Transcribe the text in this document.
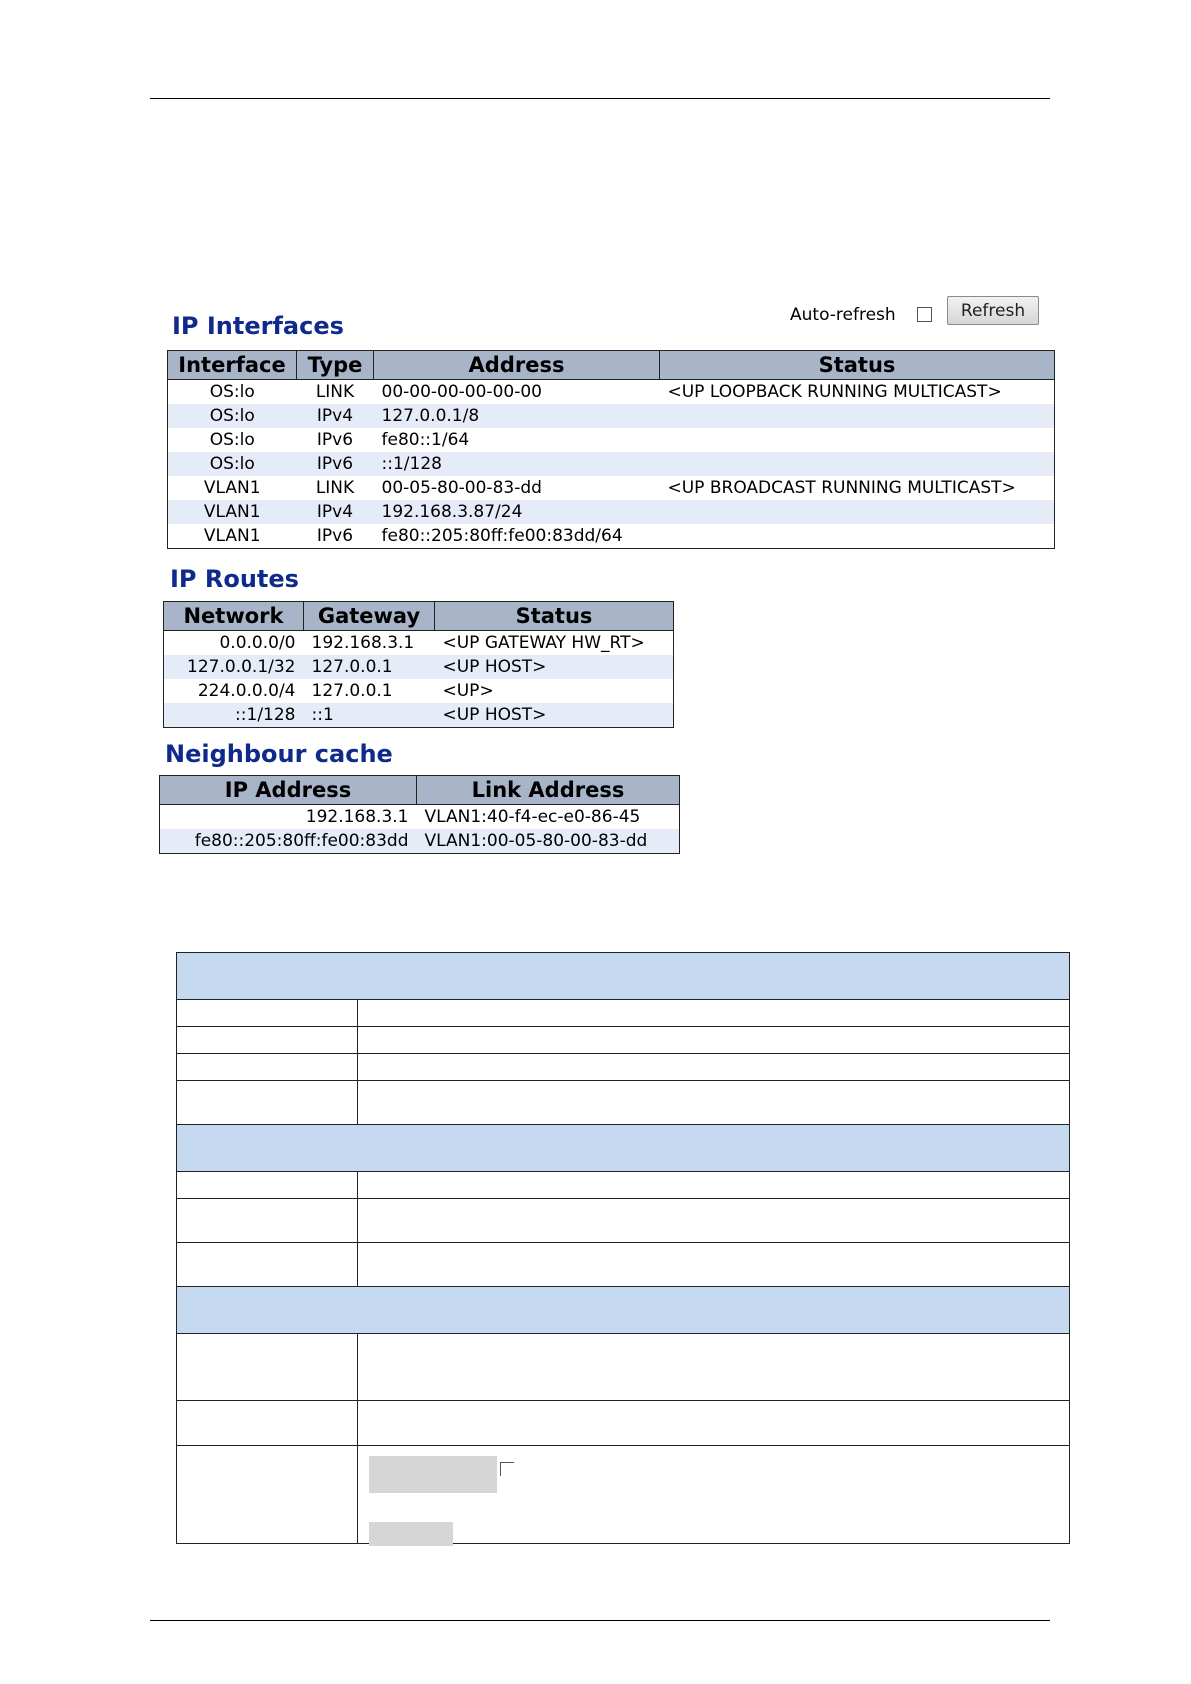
IP Interfaces	Auto-refresh	Refresh
Interface	Type	Address	Status
OS:lo	LINK	00-00-00-00-00-00	<UP LOOPBACK RUNNING MULTICAST>
OS:lo	IPv4	127.0.0.1/8	
OS:lo	IPv6	fe80::1/64	
OS:lo	IPv6	::1/128	
VLAN1	LINK	00-05-80-00-83-dd	<UP BROADCAST RUNNING MULTICAST>
VLAN1	IPv4	192.168.3.87/24	
VLAN1	IPv6	fe80::205:80ff:fe00:83dd/64	
IP Routes
Network	Gateway	Status
0.0.0.0/0	192.168.3.1	<UP GATEWAY HW_RT>
127.0.0.1/32	127.0.0.1	<UP HOST>
224.0.0.0/4	127.0.0.1	<UP>
::1/128	::1	<UP HOST>
Neighbour cache
IP Address	Link Address
192.168.3.1	VLAN1:40-f4-ec-e0-86-45
fe80::205:80ff:fe00:83dd	VLAN1:00-05-80-00-83-dd
